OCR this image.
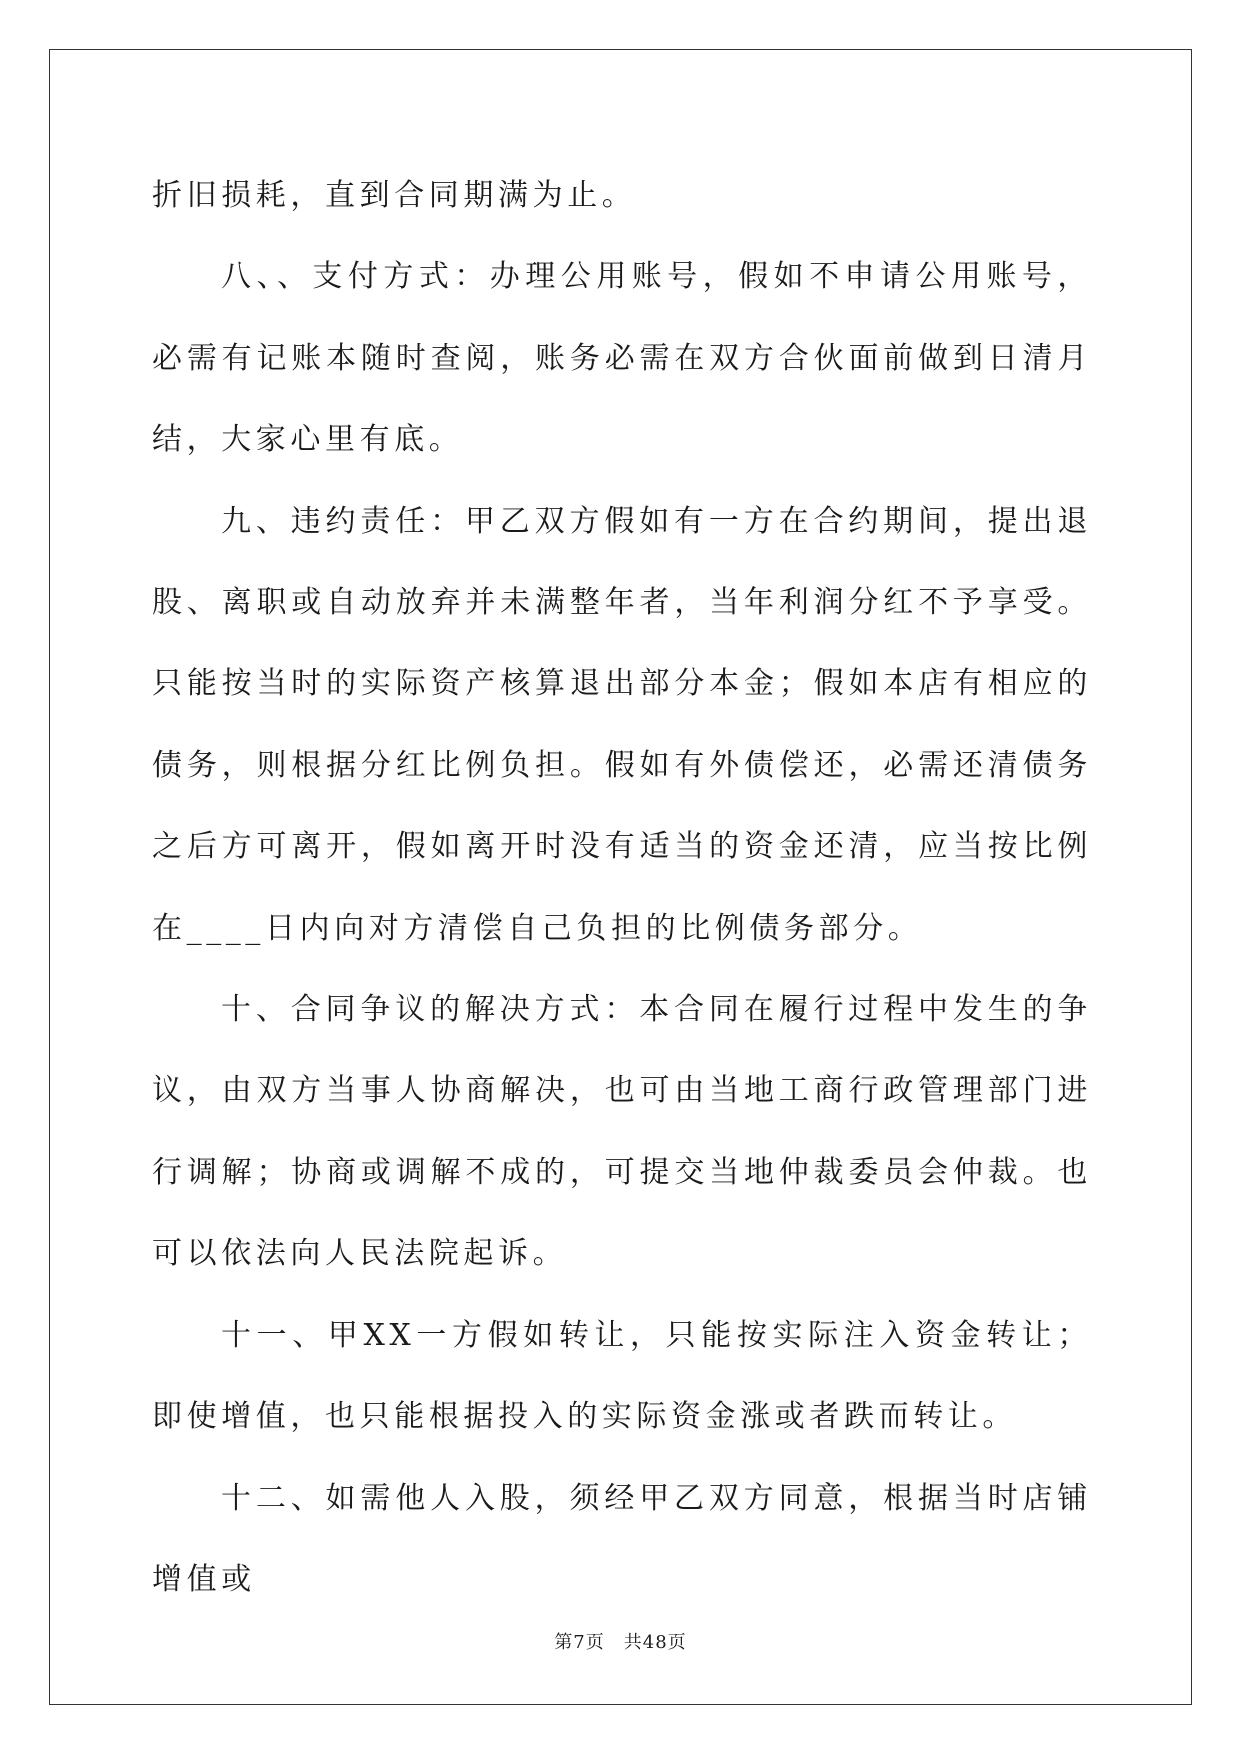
折旧损耗，直到合同期满为止。

八、、支付方式：办理公用账号，假如不申请公用账号，必需有记账本随时查阅，账务必需在双方合伙面前做到日清月结，大家心里有底。

九、违约责任：甲乙双方假如有一方在合约期间，提出退股、离职或自动放弃并未满整年者，当年利润分红不予享受。只能按当时的实际资产核算退出部分本金；假如本店有相应的债务，则根据分红比例负担。假如有外债偿还，必需还清债务之后方可离开，假如离开时没有适当的资金还清，应当按比例在____日内向对方清偿自己负担的比例债务部分。

十、合同争议的解决方式：本合同在履行过程中发生的争议，由双方当事人协商解决，也可由当地工商行政管理部门进行调解；协商或调解不成的，可提交当地仲裁委员会仲裁。也可以依法向人民法院起诉。

十一、甲XX一方假如转让，只能按实际注入资金转让；即使增值，也只能根据投入的实际资金涨或者跌而转让。

十二、如需他人入股，须经甲乙双方同意，根据当时店铺增值或

第7页　共48页
